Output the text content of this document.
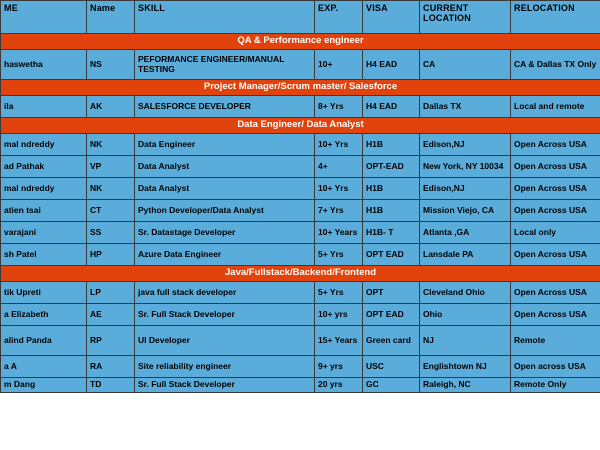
ME	Name	SKILL	EXP.	VISA	CURRENT LOCATION	RELOCATION
QA & Performance engineer						
haswetha	NS	PEFORMANCE ENGINEER/MANUAL TESTING	10+	H4 EAD	CA	CA & Dallas TX Only
Project Manager/Scrum master/ Salesforce						
ila	AK	SALESFORCE DEVELOPER	8+ Yrs	H4 EAD	Dallas TX	Local and remote
Data Engineer/ Data Analyst						
mal ndreddy	NK	Data Engineer	10+ Yrs	H1B	Edison,NJ	Open Across USA
ad Pathak	VP	Data Analyst	4+	OPT-EAD	New York, NY 10034	Open Across USA
mal ndreddy	NK	Data Analyst	10+ Yrs	H1B	Edison,NJ	Open Across USA
atien tsai	CT	Python Developer/Data Analyst	7+ Yrs	H1B	Mission Viejo, CA	Open Across USA
varajani	SS	Sr. Datastage Developer	10+ Years	H1B- T	Atlanta ,GA	Local only
sh Patel	HP	Azure Data Engineer	5+ Yrs	OPT EAD	Lansdale PA	Open Across USA
Java/Fullstack/Backend/Frontend						
tik Upreti	LP	java full stack developer	5+ Yrs	OPT	Cleveland Ohio	Open Across USA
a Elizabeth	AE	Sr. Full Stack Developer	10+ yrs	OPT EAD	Ohio	Open Across USA
alind Panda	RP	UI Developer	15+ Years	Green card	NJ	Remote
a A	RA	Site reliability engineer	9+ yrs	USC	Englishtown NJ	Open across USA
m Dang	TD	Sr. Full Stack Developer	20 yrs	GC	Raleigh, NC	Remote Only
